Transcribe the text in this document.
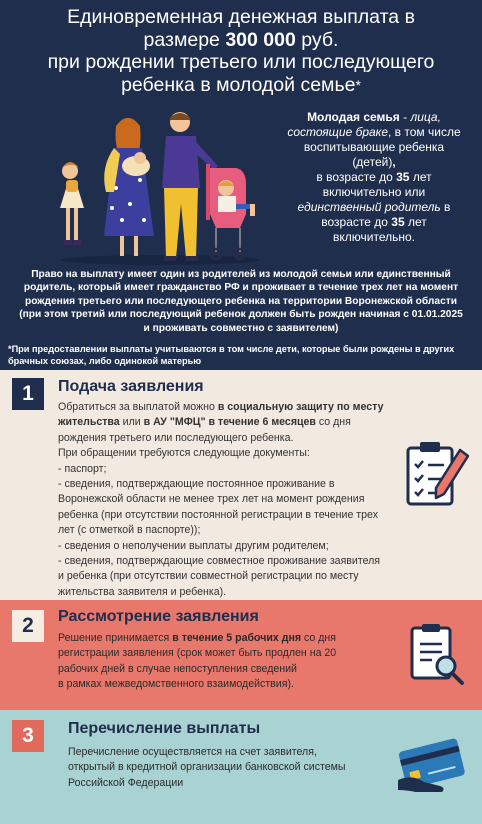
Единовременная денежная выплата в
размере 300 000 руб.
при рождении третьего или последующего
ребенка в молодой семье*
Молодая семья - лица,
состоящие браке, в том числе
воспитывающие ребенка
(детей),
в возрасте до 35 лет
включительно или
единственный родитель в
возрасте до 35 лет
включительно.
Право на выплату имеет один из родителей из молодой семьи или единственный
родитель, который имеет гражданство РФ и проживает в течение трех лет на момент
рождения третьего или последующего ребенка на территории Воронежской области
(при этом третий или последующий ребенок должен быть рожден начиная с 01.01.2025
и проживать совместно с заявителем)
*При предоставлении выплаты учитываются в том числе дети, которые были рождены в других
брачных союзах, либо одинокой матерью
1	Подача заявления
Обратиться за выплатой можно в социальную защиту по месту
жительства или в АУ "МФЦ" в течение 6 месяцев со дня
рождения третьего или последующего ребенка.
При обращении требуются следующие документы:
- паспорт;
- сведения, подтверждающие постоянное проживание в
Воронежской области не менее трех лет на момент рождения
ребенка (при отсутствии постоянной регистрации в течение трех
лет (с отметкой в паспорте));
- сведения о неполучении выплаты другим родителем;
- сведения, подтверждающие совместное проживание заявителя
и ребенка (при отсутствии совместной регистрации по месту
жительства заявителя и ребенка).
2	Рассмотрение заявления
Решение принимается в течение 5 рабочих дня со дня
регистрации заявления (срок может быть продлен на 20
рабочих дней в случае непоступления сведений
в рамках межведомственного взаимодействия).
3	Перечисление выплаты
Перечисление осуществляется на счет заявителя,
открытый в кредитной организации банковской системы
Российской Федерации
